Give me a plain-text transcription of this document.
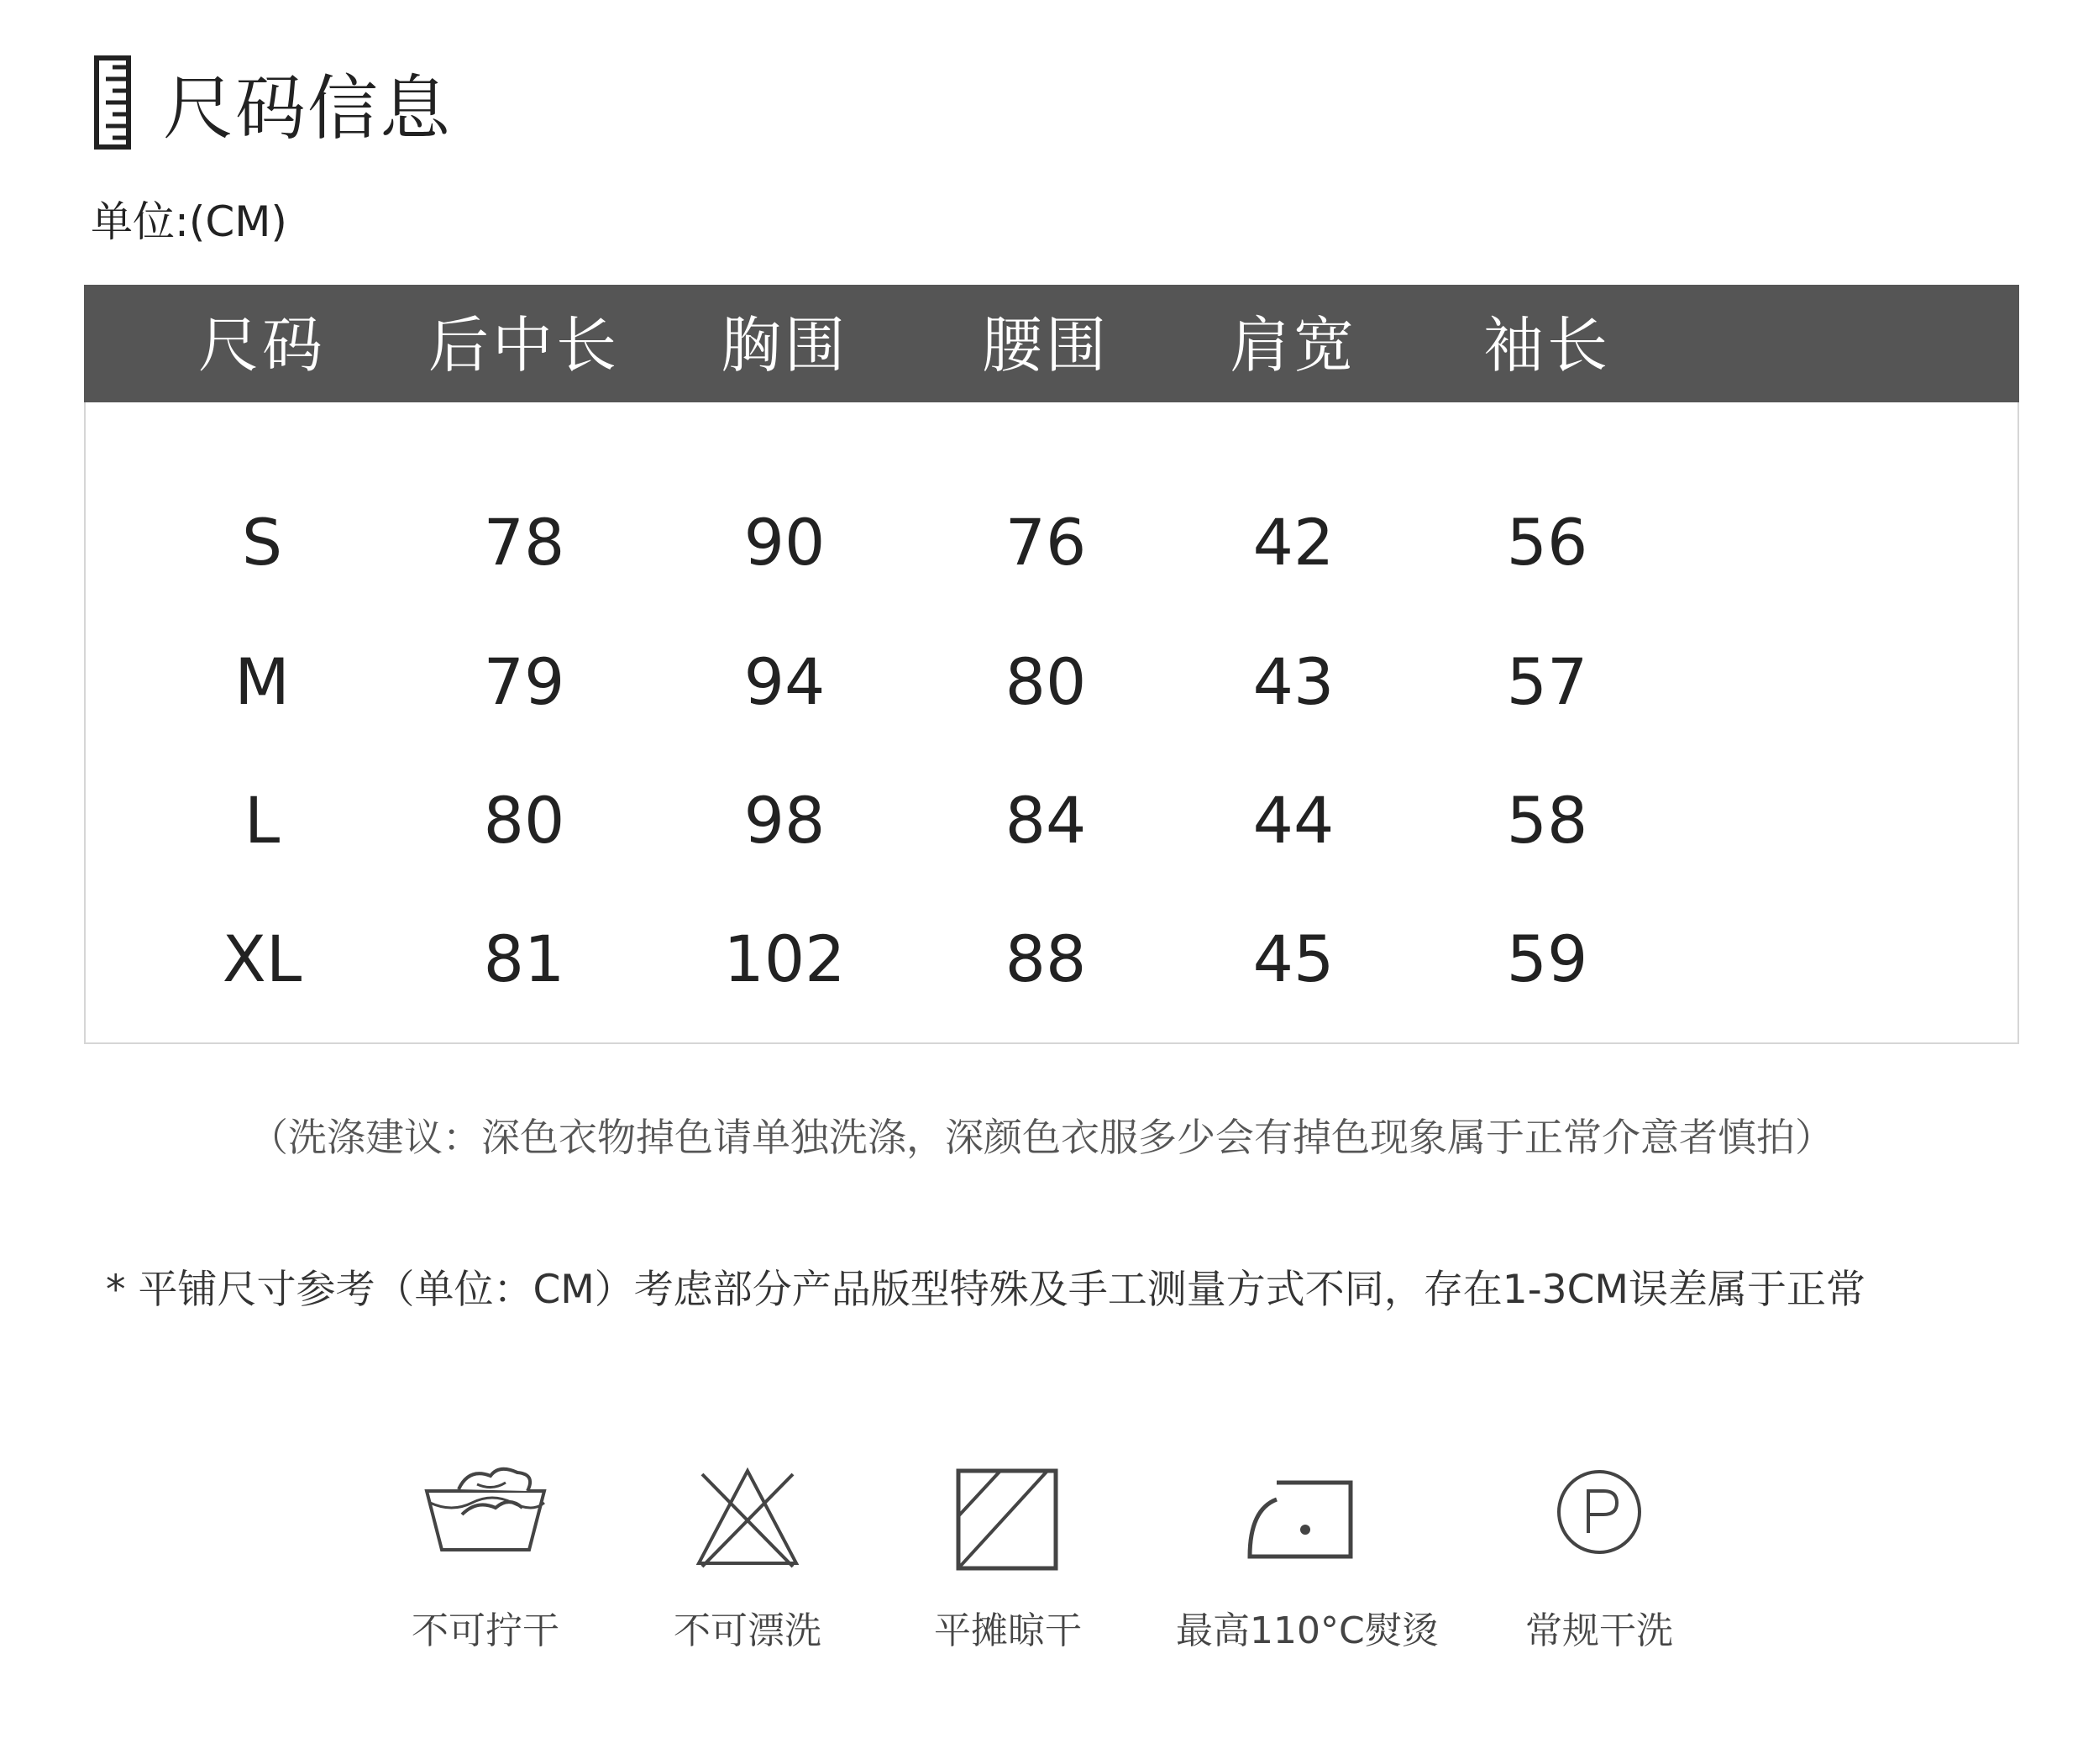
尺码信息
单位:(CM)
尺码	后中长	胸围	腰围	肩宽	袖长
S	78	90	76	42	56
M	79	94	80	43	57
L	80	98	84	44	58
XL	81	102	88	45	59
（洗涤建议：深色衣物掉色请单独洗涤，深颜色衣服多少会有掉色现象属于正常介意者慎拍）
* 平铺尺寸参考（单位：CM）考虑部分产品版型特殊及手工测量方式不同，存在1-3CM误差属于正常
不可拧干	不可漂洗	平摊晾干	最高110°C熨烫	常规干洗
